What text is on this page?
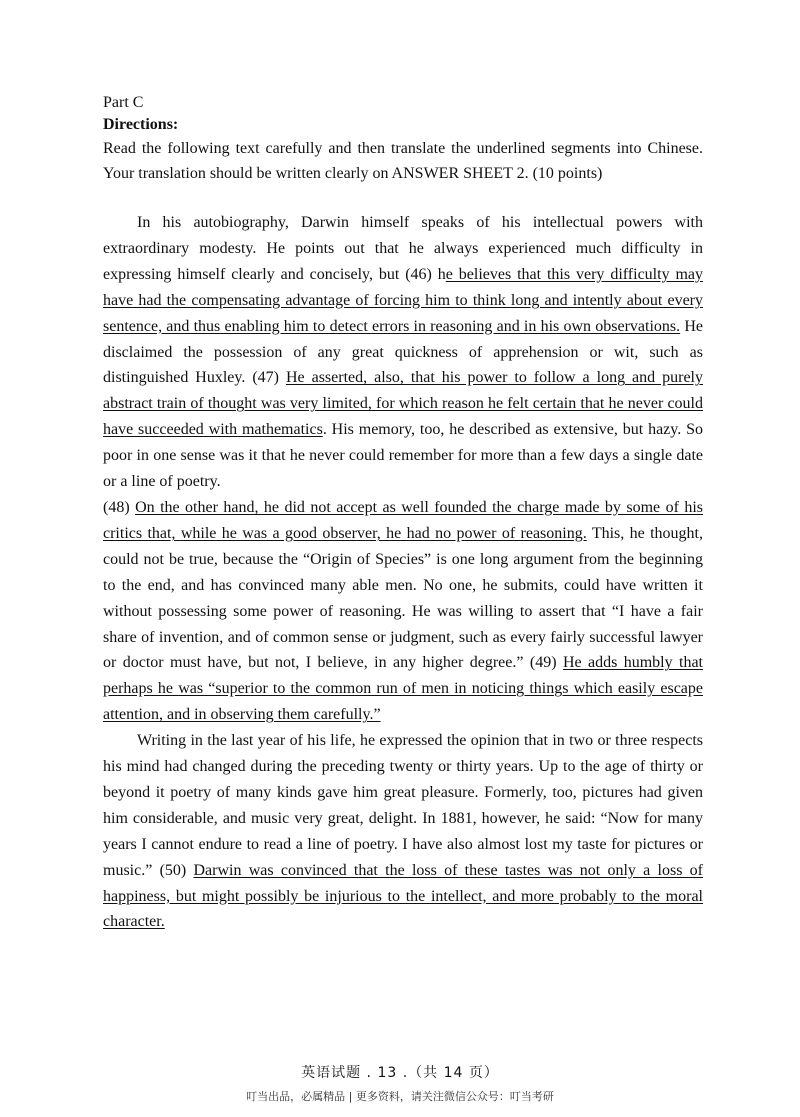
Part C
Directions:
Read the following text carefully and then translate the underlined segments into Chinese. Your translation should be written clearly on ANSWER SHEET 2. (10 points)
In his autobiography, Darwin himself speaks of his intellectual powers with extraordinary modesty. He points out that he always experienced much difficulty in expressing himself clearly and concisely, but (46) he believes that this very difficulty may have had the compensating advantage of forcing him to think long and intently about every sentence, and thus enabling him to detect errors in reasoning and in his own observations. He disclaimed the possession of any great quickness of apprehension or wit, such as distinguished Huxley. (47) He asserted, also, that his power to follow a long and purely abstract train of thought was very limited, for which reason he felt certain that he never could have succeeded with mathematics. His memory, too, he described as extensive, but hazy. So poor in one sense was it that he never could remember for more than a few days a single date or a line of poetry.
(48) On the other hand, he did not accept as well founded the charge made by some of his critics that, while he was a good observer, he had no power of reasoning. This, he thought, could not be true, because the “Origin of Species” is one long argument from the beginning to the end, and has convinced many able men. No one, he submits, could have written it without possessing some power of reasoning. He was willing to assert that “I have a fair share of invention, and of common sense or judgment, such as every fairly successful lawyer or doctor must have, but not, I believe, in any higher degree.” (49) He adds humbly that perhaps he was “superior to the common run of men in noticing things which easily escape attention, and in observing them carefully.”
Writing in the last year of his life, he expressed the opinion that in two or three respects his mind had changed during the preceding twenty or thirty years. Up to the age of thirty or beyond it poetry of many kinds gave him great pleasure. Formerly, too, pictures had given him considerable, and music very great, delight. In 1881, however, he said: “Now for many years I cannot endure to read a line of poetry. I have also almost lost my taste for pictures or music.” (50) Darwin was convinced that the loss of these tastes was not only a loss of happiness, but might possibly be injurious to the intellect, and more probably to the moral character.
英语试题 . 13 .（共 14 页）
叮当出品，必属精品 | 更多资料，请关注微信公众号：叮当考研
